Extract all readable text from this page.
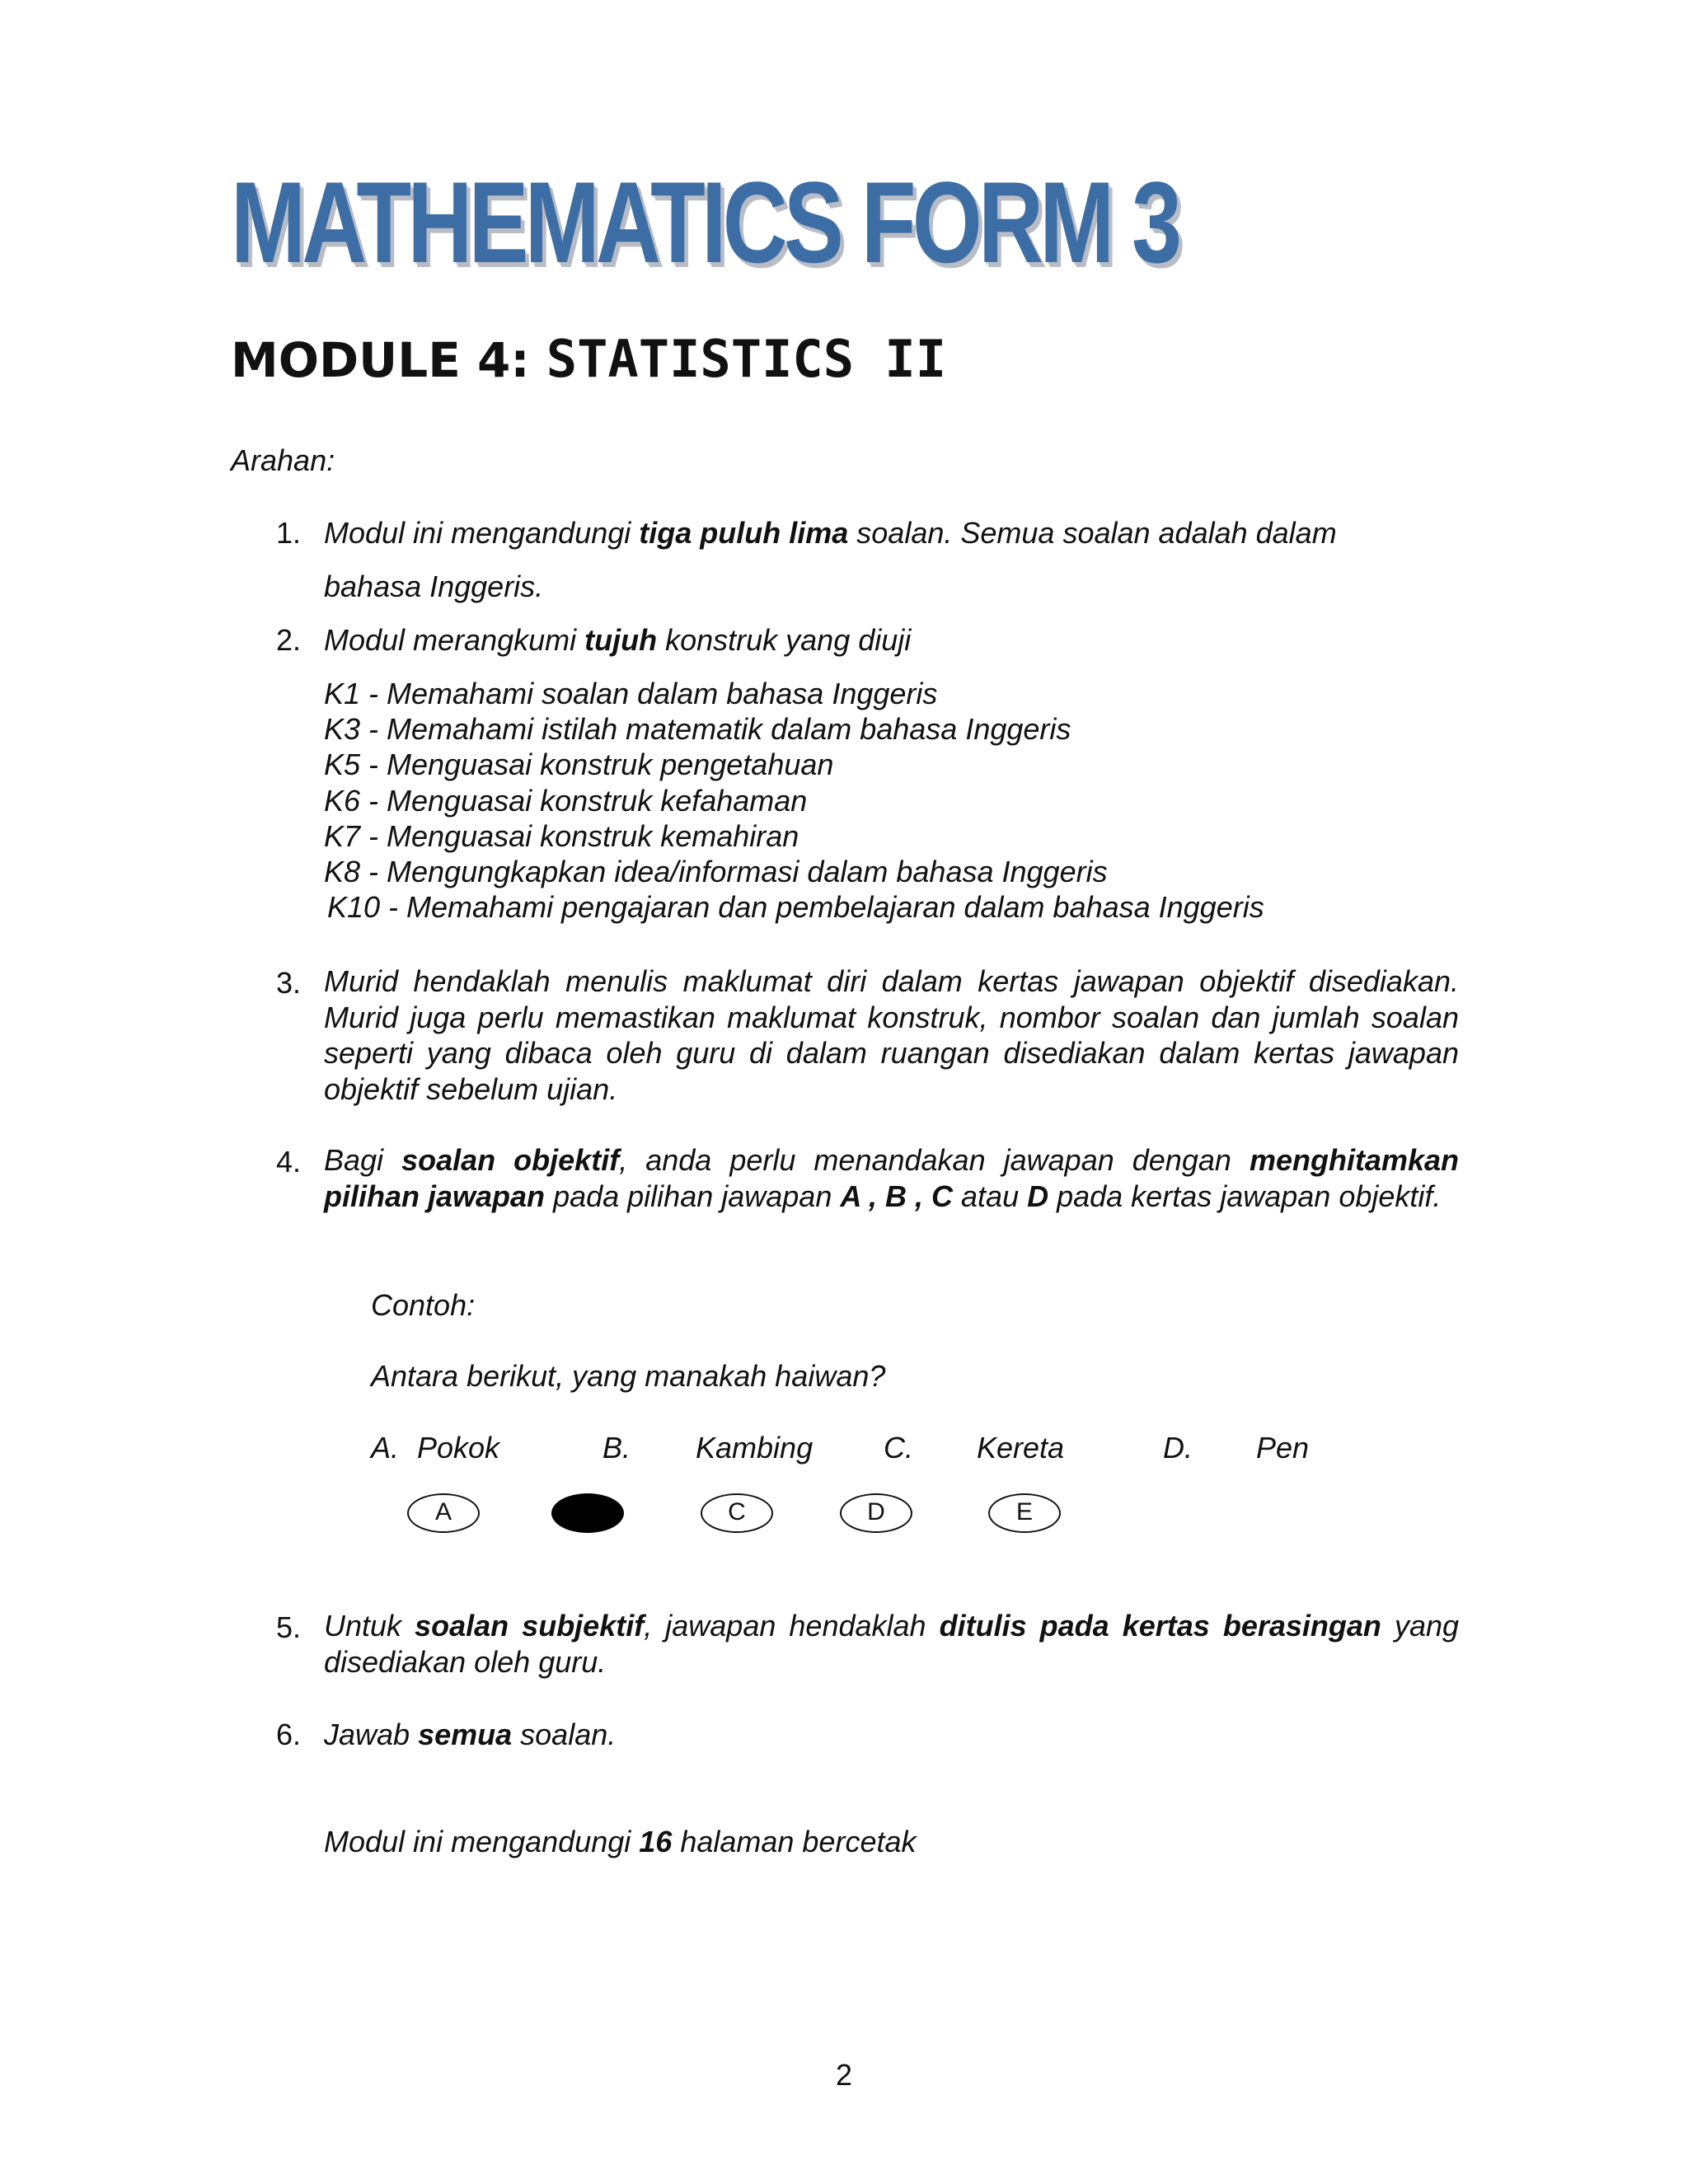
MATHEMATICS FORM 3
MODULE 4: STATISTICS II
Arahan:
1. Modul ini mengandungi tiga puluh lima soalan. Semua soalan adalah dalam
bahasa Inggeris.
2. Modul merangkumi tujuh konstruk yang diuji
K1 - Memahami soalan dalam bahasa Inggeris
K3 - Memahami istilah matematik dalam bahasa Inggeris
K5 - Menguasai konstruk pengetahuan
K6 - Menguasai konstruk kefahaman
K7 - Menguasai konstruk kemahiran
K8 - Mengungkapkan idea/informasi dalam bahasa Inggeris
K10 - Memahami pengajaran dan pembelajaran dalam bahasa Inggeris
3. Murid hendaklah menulis maklumat diri dalam kertas jawapan objektif disediakan. Murid juga perlu memastikan maklumat konstruk, nombor soalan dan jumlah soalan seperti yang dibaca oleh guru di dalam ruangan disediakan dalam kertas jawapan objektif sebelum ujian.
4. Bagi soalan objektif, anda perlu menandakan jawapan dengan menghitamkan pilihan jawapan pada pilihan jawapan A , B , C atau D pada kertas jawapan objektif.
Contoh:
Antara berikut, yang manakah haiwan?
A. Pokok	B. Kambing C. Kereta	D. Pen
A	C	D	E
5. Untuk soalan subjektif, jawapan hendaklah ditulis pada kertas berasingan yang disediakan oleh guru.
6. Jawab semua soalan.
Modul ini mengandungi 16 halaman bercetak
2
